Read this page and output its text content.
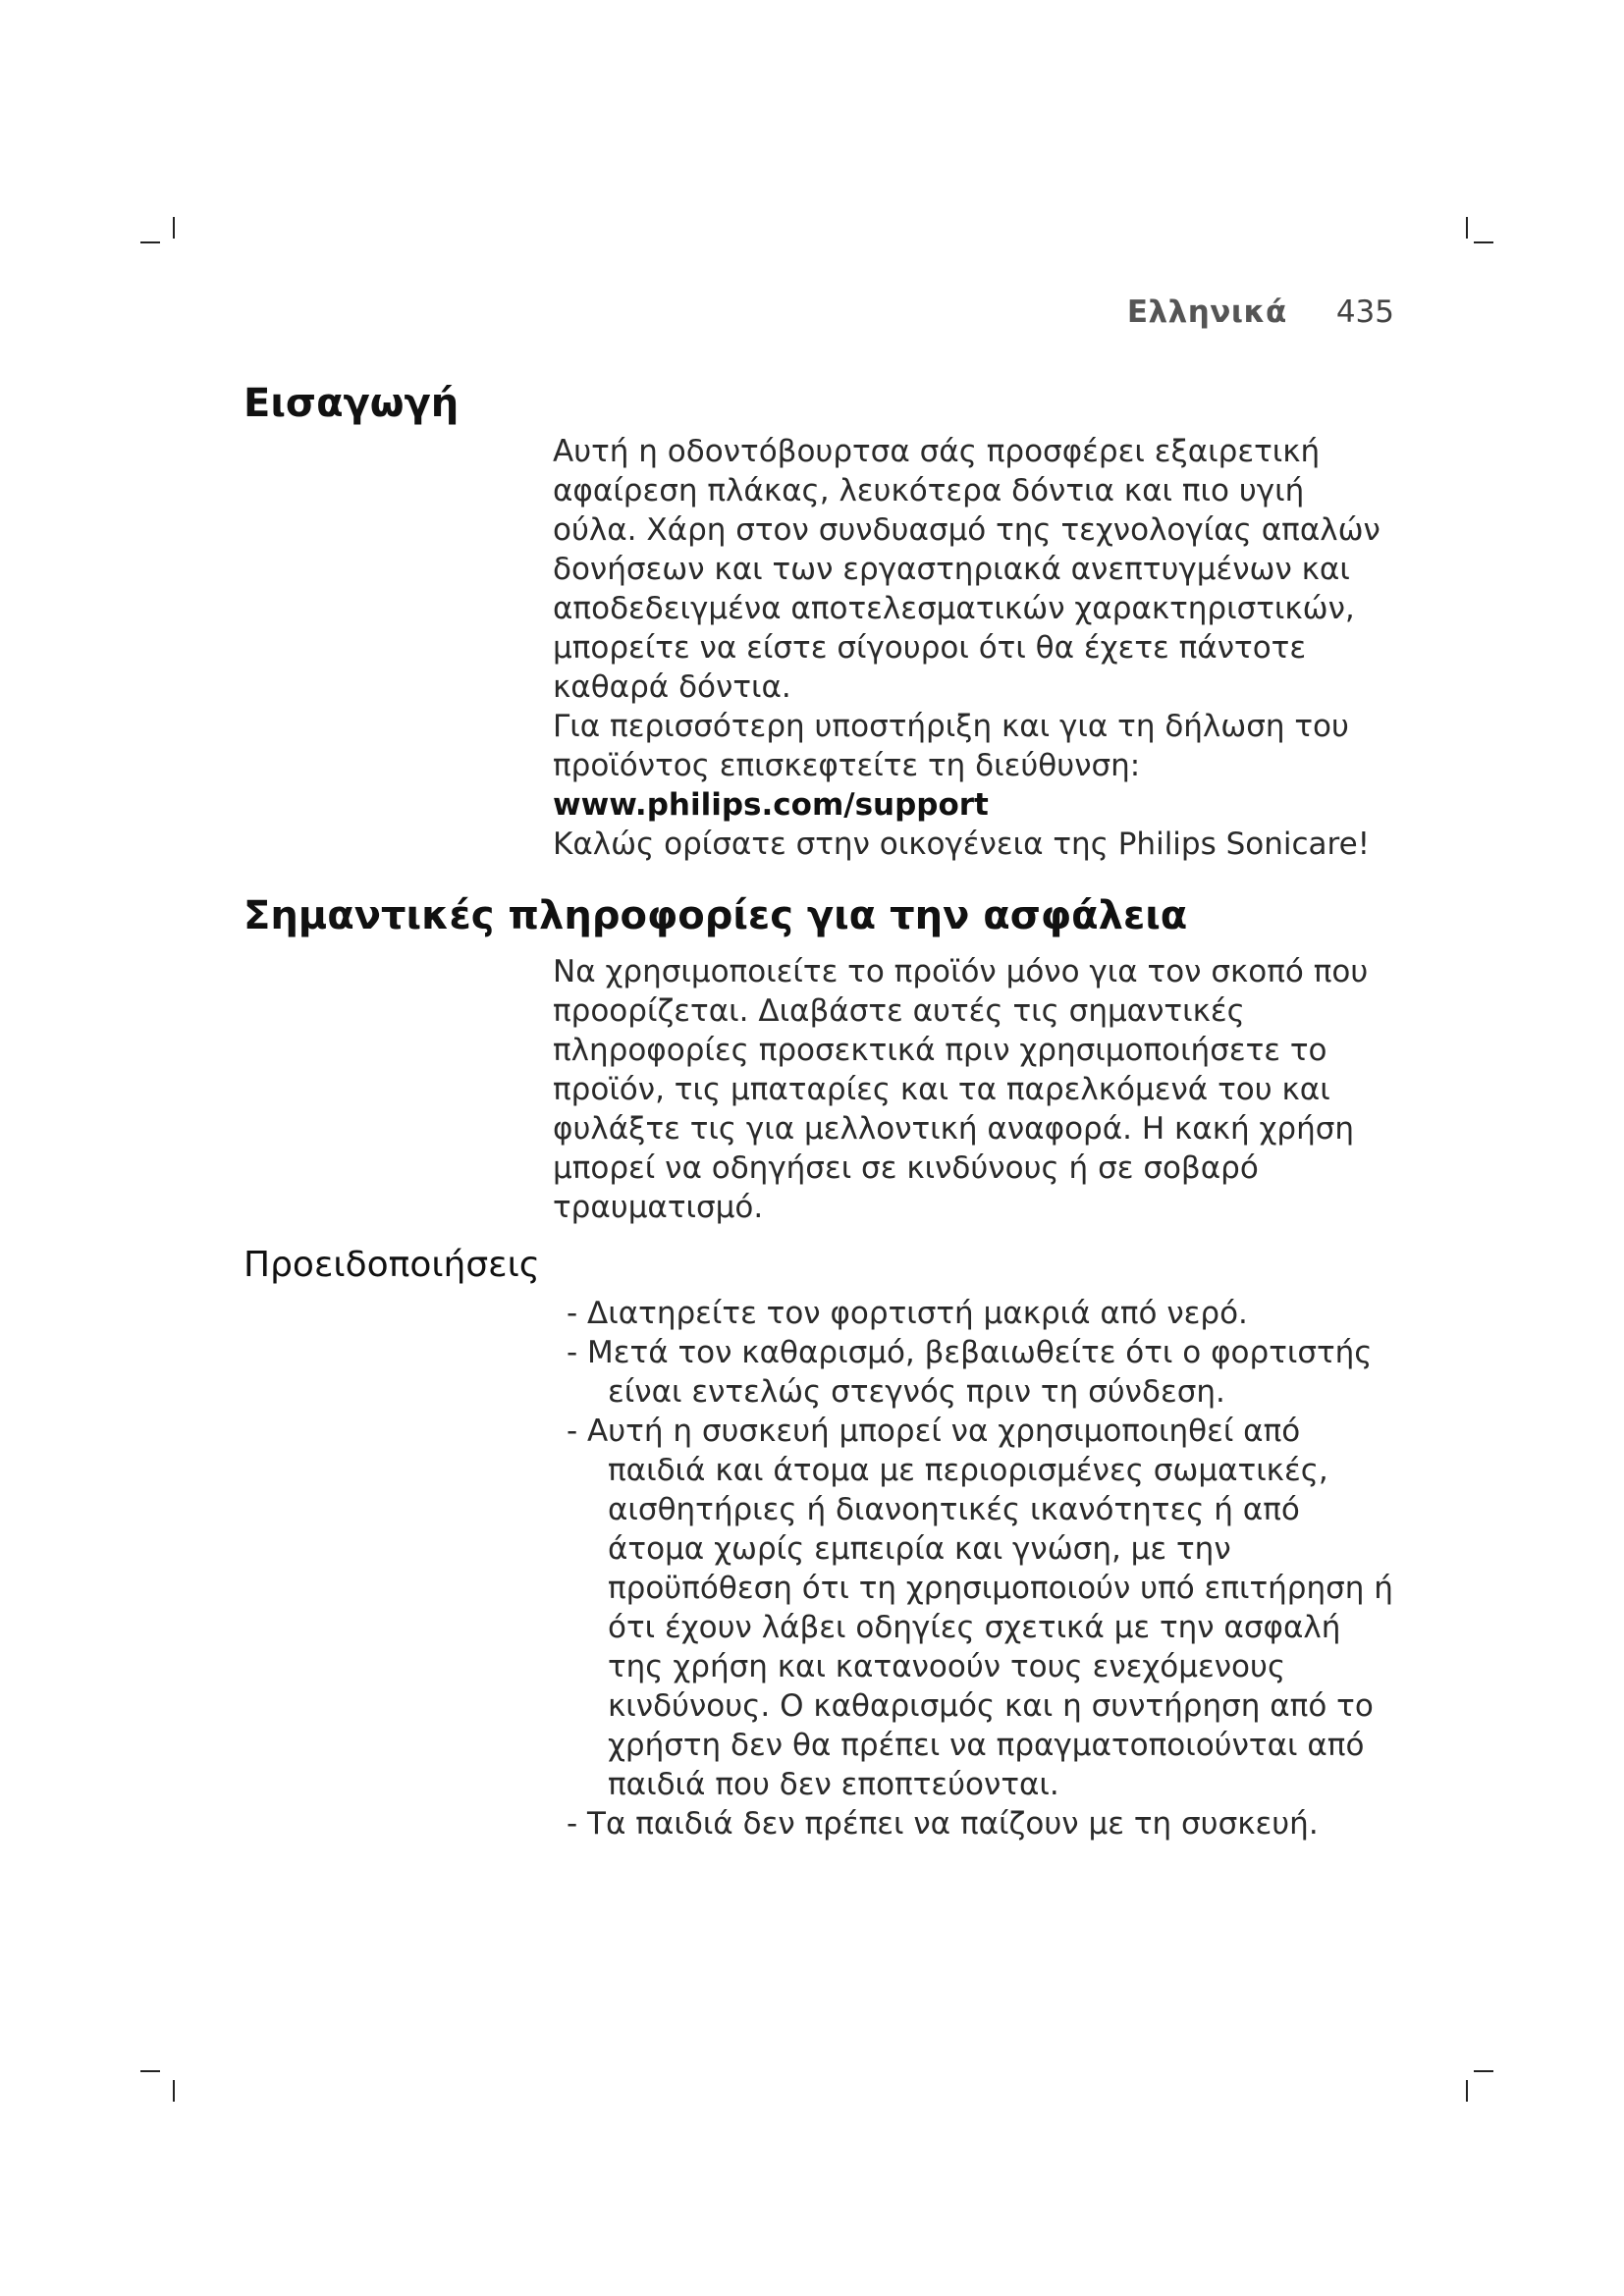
Ελληνικά 435
Εισαγωγή

Αυτή η οδοντόβουρτσα σάς προσφέρει εξαιρετική αφαίρεση πλάκας, λευκότερα δόντια και πιο υγιή ούλα. Χάρη στον συνδυασμό της τεχνολογίας απαλών δονήσεων και των εργαστηριακά ανεπτυγμένων και αποδεδειγμένα αποτελεσματικών χαρακτηριστικών, μπορείτε να είστε σίγουροι ότι θα έχετε πάντοτε καθαρά δόντια.

Για περισσότερη υποστήριξη και για τη δήλωση του προϊόντος επισκεφτείτε τη διεύθυνση:

www.philips.com/support

Καλώς ορίσατε στην οικογένεια της Philips Sonicare!

Σημαντικές πληροφορίες για την ασφάλεια

Να χρησιμοποιείτε το προϊόν μόνο για τον σκοπό που προορίζεται. Διαβάστε αυτές τις σημαντικές πληροφορίες προσεκτικά πριν χρησιμοποιήσετε το προϊόν, τις μπαταρίες και τα παρελκόμενά του και φυλάξτε τις για μελλοντική αναφορά. Η κακή χρήση μπορεί να οδηγήσει σε κινδύνους ή σε σοβαρό τραυματισμό.

Προειδοποιήσεις
- Διατηρείτε τον φορτιστή μακριά από νερό.
- Μετά τον καθαρισμό, βεβαιωθείτε ότι ο φορτιστής είναι εντελώς στεγνός πριν τη σύνδεση.
- Αυτή η συσκευή μπορεί να χρησιμοποιηθεί από παιδιά και άτομα με περιορισμένες σωματικές, αισθητήριες ή διανοητικές ικανότητες ή από άτομα χωρίς εμπειρία και γνώση, με την προϋπόθεση ότι τη χρησιμοποιούν υπό επιτήρηση ή ότι έχουν λάβει οδηγίες σχετικά με την ασφαλή της χρήση και κατανοούν τους ενεχόμενους κινδύνους. Ο καθαρισμός και η συντήρηση από το χρήστη δεν θα πρέπει να πραγματοποιούνται από παιδιά που δεν εποπτεύονται.
- Τα παιδιά δεν πρέπει να παίζουν με τη συσκευή.
